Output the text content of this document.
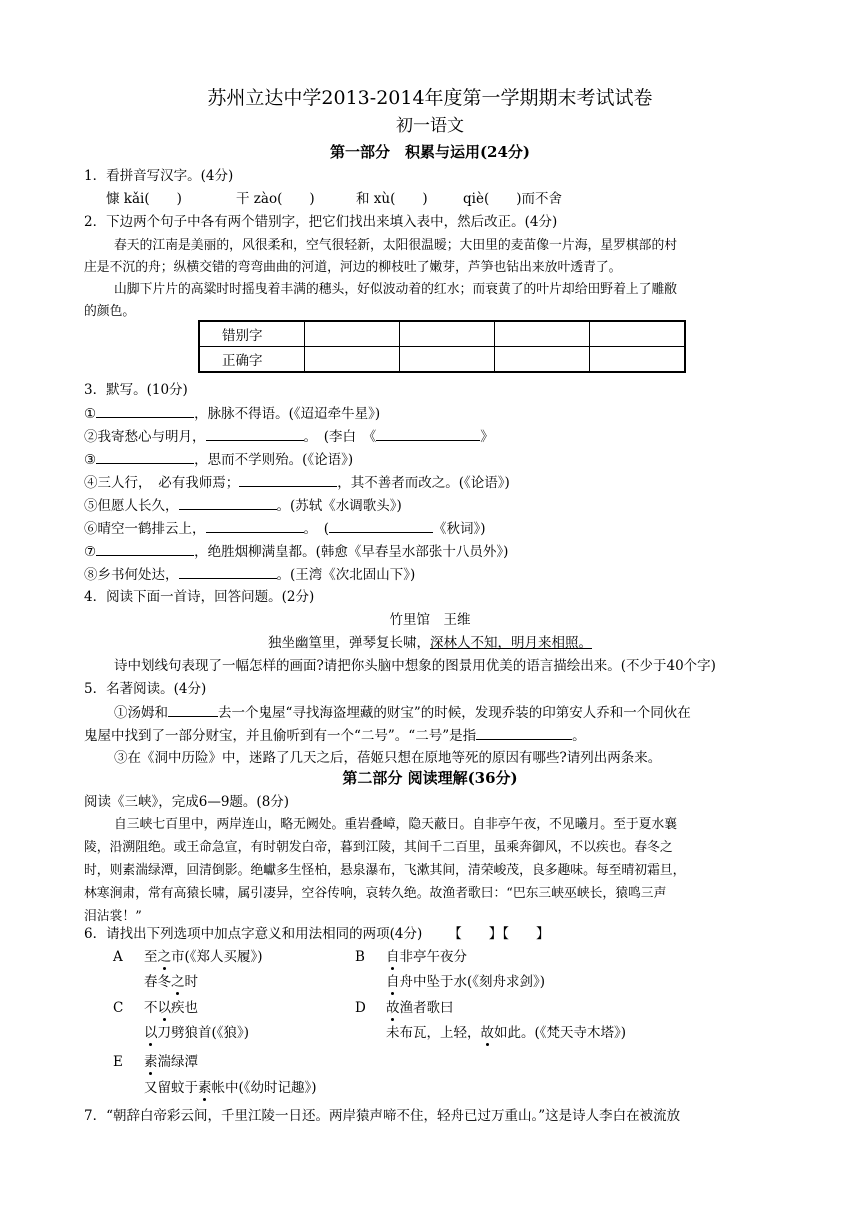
苏州立达中学2013-2014年度第一学期期末考试试卷
初一语文
第一部分　积累与运用(24分)
1．看拼音写汉字。(4分)
慷 kǎi(　　)	干 zào(　　)	和 xù(　　)	qiè(　　)而不舍
2．下边两个句子中各有两个错别字，把它们找出来填入表中，然后改正。(4分)
春天的江南是美丽的，风很柔和，空气很轻新，太阳很温暧；大田里的麦苗像一片海，星罗棋部的村
庄是不沉的舟；纵横交错的弯弯曲曲的河道，河边的柳枝吐了嫩芽，芦笋也钻出来放叶透青了。
山脚下片片的高粱时时摇曳着丰满的穗头，好似波动着的红水；而衰黄了的叶片却给田野着上了雕敝
的颜色。
错别字				
正确字				
3．默写。(10分)
①	，脉脉不得语。(《迢迢牵牛星》)
②我寄愁心与明月，	。　(李白　《	》
③	，思而不学则殆。(《论语》)
④三人行，　必有我师焉；	，其不善者而改之。(《论语》)
⑤但愿人长久，	。(苏轼《水调歌头》)
⑥晴空一鹤排云上，	。　(	《秋词》)
⑦	，绝胜烟柳满皇都。(韩愈《早春呈水部张十八员外》)
⑧乡书何处达，	。(王湾《次北固山下》)
4．阅读下面一首诗，回答问题。(2分)
竹里馆　王维
独坐幽篁里，弹琴复长啸，深林人不知，明月来相照。
诗中划线句表现了一幅怎样的画面?请把你头脑中想象的图景用优美的语言描绘出来。(不少于40个字)
5．名著阅读。(4分)
①汤姆和	去一个鬼屋“寻找海盗埋藏的财宝”的时候，发现乔装的印第安人乔和一个同伙在
鬼屋中找到了一部分财宝，并且偷听到有一个“二号”。“二号”是指	。
③在《洞中历险》中，迷路了几天之后，蓓姬只想在原地等死的原因有哪些?请列出两条来。
第二部分 阅读理解(36分)
阅读《三峡》，完成6—9题。(8分)
自三峡七百里中，两岸连山，略无阙处。重岩叠嶂，隐天蔽日。自非亭午夜，不见曦月。至于夏水襄
陵，沿溯阻绝。或王命急宣，有时朝发白帝，暮到江陵，其间千二百里，虽乘奔御风，不以疾也。春冬之
时，则素湍绿潭，回清倒影。绝巘多生怪柏，悬泉瀑布，飞漱其间，清荣峻茂，良多趣味。每至晴初霜旦，
林寒涧肃，常有高猿长啸，属引凄异，空谷传响，哀转久绝。故渔者歌曰：“巴东三峡巫峡长，猿鸣三声
泪沾裳！”
6．请找出下列选项中加点字意义和用法相同的两项(4分) 【　　】【　　】
A 至之市(《郑人买履》)
春冬之时
B 自非亭午夜分
自舟中坠于水(《刻舟求剑》)
C 不以疾也
以刀劈狼首(《狼》)
D 故渔者歌曰
未布瓦，上轻，故如此。(《梵天寺木塔》)
E 素湍绿潭
又留蚊于素帐中(《幼时记趣》)
7．“朝辞白帝彩云间，千里江陵一日还。两岸猿声啼不住，轻舟已过万重山。”这是诗人李白在被流放
